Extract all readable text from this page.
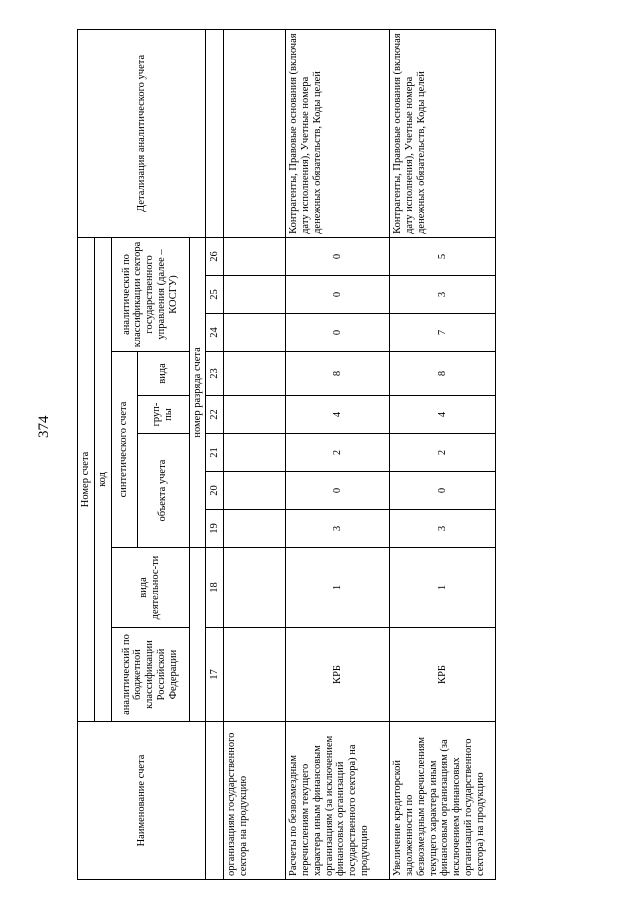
374
Наименование счета	Номер счета										Детализация аналитического учета
	код										
	аналитический по бюджетной классификации Российской Федерации	вида деятельнос-ти	синтетического счета					аналитический по классификации сектора государственного управления (далее – КОСГУ)			
			объекта учета			груп-пы	вида				
			номер разряда счета								
	17	18	19	20	21	22	23	24	25	26	
организациям государственного сектора на продукцию											
Расчеты по безвозмездным перечислениям текущего характера иным финансовым организациям (за исключением финансовых организаций государственного сектора) на продукцию	КРБ	1	3	0	2	4	8	0	0	0	Контрагенты, Правовые основания (включая дату исполнения), Учетные номера денежных обязательств, Коды целей
Увеличение кредиторской задолженности по безвозмездным перечислениям текущего характера иным финансовым организациям (за исключением финансовых организаций государственного сектора) на продукцию	КРБ	1	3	0	2	4	8	7	3	5	Контрагенты, Правовые основания (включая дату исполнения), Учетные номера денежных обязательств, Коды целей
